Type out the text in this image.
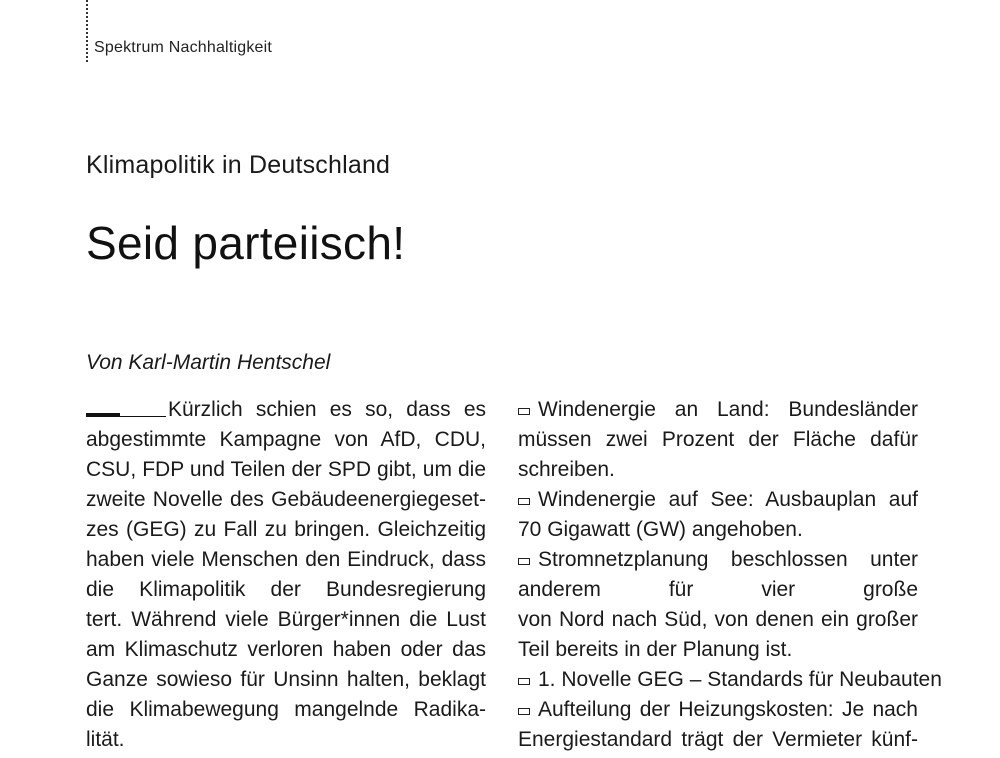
Spektrum Nachhaltigkeit
Klimapolitik in Deutschland
Seid parteiisch!
Von Karl-Martin Hentschel
Kürzlich schien es so, dass es
abgestimmte Kampagne von AfD, CDU,
CSU, FDP und Teilen der SPD gibt, um die
zweite Novelle des Gebäudeenergiegeset-
zes (GEG) zu Fall zu bringen. Gleichzeitig
haben viele Menschen den Eindruck, dass
die Klimapolitik der Bundesregierung
tert. Während viele Bürger*innen die Lust
am Klimaschutz verloren haben oder das
Ganze sowieso für Unsinn halten, beklagt
die Klimabewegung mangelnde Radika-
lität.
Windenergie an Land: Bundesländer
müssen zwei Prozent der Fläche dafür
schreiben.
Windenergie auf See: Ausbauplan auf
70 Gigawatt (GW) angehoben.
Stromnetzplanung beschlossen unter
anderem für vier große
von Nord nach Süd, von denen ein großer
Teil bereits in der Planung ist.
1. Novelle GEG – Standards für Neubauten
Aufteilung der Heizungskosten: Je nach
Energiestandard trägt der Vermieter künf-
